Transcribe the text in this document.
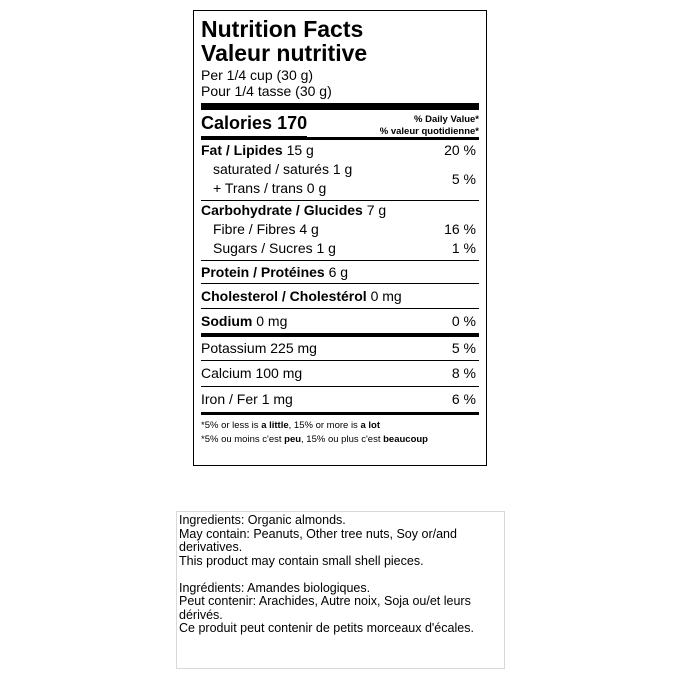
Nutrition Facts
Valeur nutritive
Per 1/4 cup (30 g)
Pour 1/4 tasse (30 g)
Calories 170	% Daily Value*
% valeur quotidienne*
Fat / Lipides 15 g	20 %
saturated / saturés 1 g
+ Trans / trans 0 g
5 %
Carbohydrate / Glucides 7 g
Fibre / Fibres 4 g	16 %
Sugars / Sucres 1 g	1 %
Protein / Protéines 6 g
Cholesterol / Cholestérol 0 mg
Sodium 0 mg	0 %
Potassium 225 mg	5 %
Calcium 100 mg	8 %
Iron / Fer 1 mg	6 %
*5% or less is a little, 15% or more is a lot
*5% ou moins c'est peu, 15% ou plus c'est beaucoup

Ingredients: Organic almonds.

May contain: Peanuts, Other tree nuts, Soy or/and derivatives.

This product may contain small shell pieces.

Ingrédients: Amandes biologiques.

Peut contenir: Arachides, Autre noix, Soja ou/et leurs dérivés.

Ce produit peut contenir de petits morceaux d'écales.
